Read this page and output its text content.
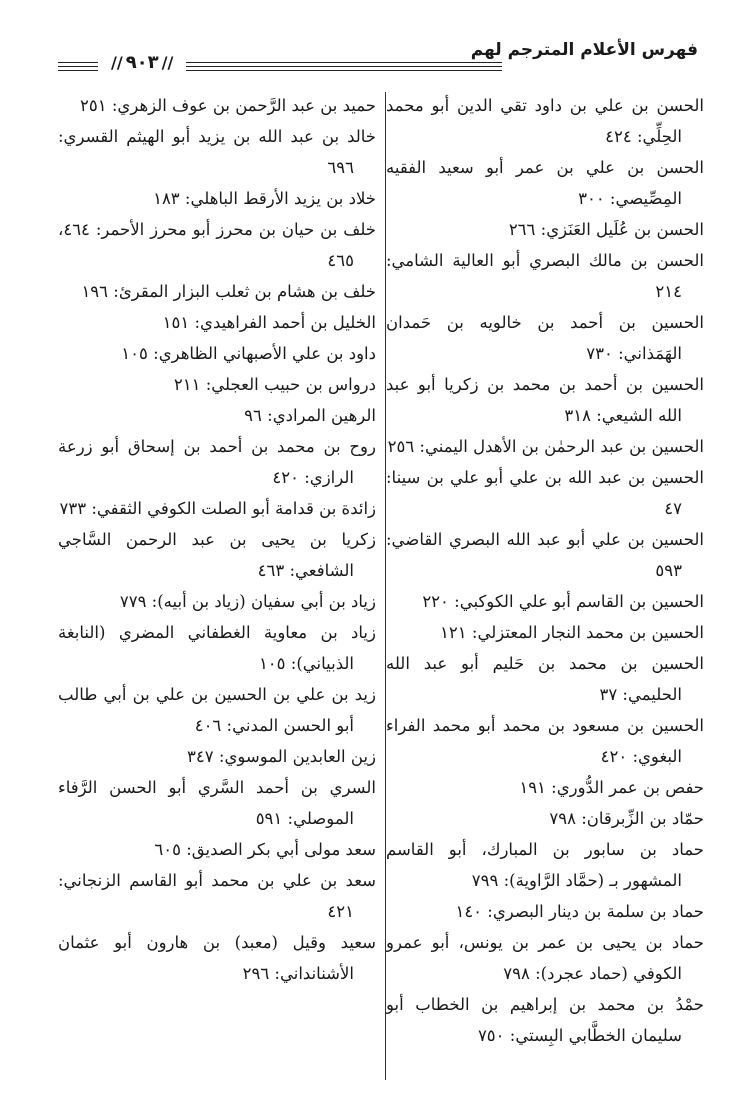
فهرس الأعلام المترجم لهم
// ٩٠٣ //
الحسن بن علي بن داود تقي الدين أبو محمد الحِلِّي: ٤٢٤
الحسن بن علي بن عمر أبو سعيد الفقيه المِصِّيصي: ٣٠٠
الحسن بن عُلَيل العَنَزي: ٢٦٦
الحسن بن مالك البصري أبو العالية الشامي: ٢١٤
الحسين بن أحمد بن خالويه بن حَمدان الهَمَذاني: ٧٣٠
الحسين بن أحمد بن محمد بن زكريا أبو عبد الله الشيعي: ٣١٨
الحسين بن عبد الرحمٰن بن الأهدل اليمني: ٢٥٦
الحسين بن عبد الله بن علي أبو علي بن سينا: ٤٧
الحسين بن علي أبو عبد الله البصري القاضي: ٥٩٣
الحسين بن القاسم أبو علي الكوكبي: ٢٢٠
الحسين بن محمد النجار المعتزلي: ١٢١
الحسين بن محمد بن حَليم أبو عبد الله الحليمي: ٣٧
الحسين بن مسعود بن محمد أبو محمد الفراء البغوي: ٤٢٠
حفص بن عمر الدُّوري: ١٩١
حمّاد بن الزِّبرقان: ٧٩٨
حماد بن سابور بن المبارك، أبو القاسم المشهور بـ (حمَّاد الرَّاوية): ٧٩٩
حماد بن سلمة بن دينار البصري: ١٤٠
حماد بن يحيى بن عمر بن يونس، أبو عمرو الكوفي (حماد عجرد): ٧٩٨
حمْدُ بن محمد بن إبراهيم بن الخطاب أبو سليمان الخطَّابي البِستي: ٧٥٠
حميد بن عبد الرَّحمن بن عوف الزهري: ٢٥١
خالد بن عبد الله بن يزيد أبو الهيثم القسري: ٦٩٦
خلاد بن يزيد الأرقط الباهلي: ١٨٣
خلف بن حيان بن محرز أبو محرز الأحمر: ٤٦٤، ٤٦٥
خلف بن هشام بن ثعلب البزار المقرئ: ١٩٦
الخليل بن أحمد الفراهيدي: ١٥١
داود بن علي الأصبهاني الظاهري: ١٠٥
درواس بن حبيب العجلي: ٢١١
الرهين المرادي: ٩٦
روح بن محمد بن أحمد بن إسحاق أبو زرعة الرازي: ٤٢٠
زائدة بن قدامة أبو الصلت الكوفي الثقفي: ٧٣٣
زكريا بن يحيى بن عبد الرحمن السَّاجي الشافعي: ٤٦٣
زياد بن أبي سفيان (زياد بن أبيه): ٧٧٩
زياد بن معاوية الغطفاني المضري (النابغة الذبياني): ١٠٥
زيد بن علي بن الحسين بن علي بن أبي طالب أبو الحسن المدني: ٤٠٦
زين العابدين الموسوي: ٣٤٧
السري بن أحمد السَّري أبو الحسن الرَّفاء الموصلي: ٥٩١
سعد مولى أبي بكر الصديق: ٦٠٥
سعد بن علي بن محمد أبو القاسم الزنجاني: ٤٢١
سعيد وقيل (معبد) بن هارون أبو عثمان الأشنانداني: ٢٩٦
